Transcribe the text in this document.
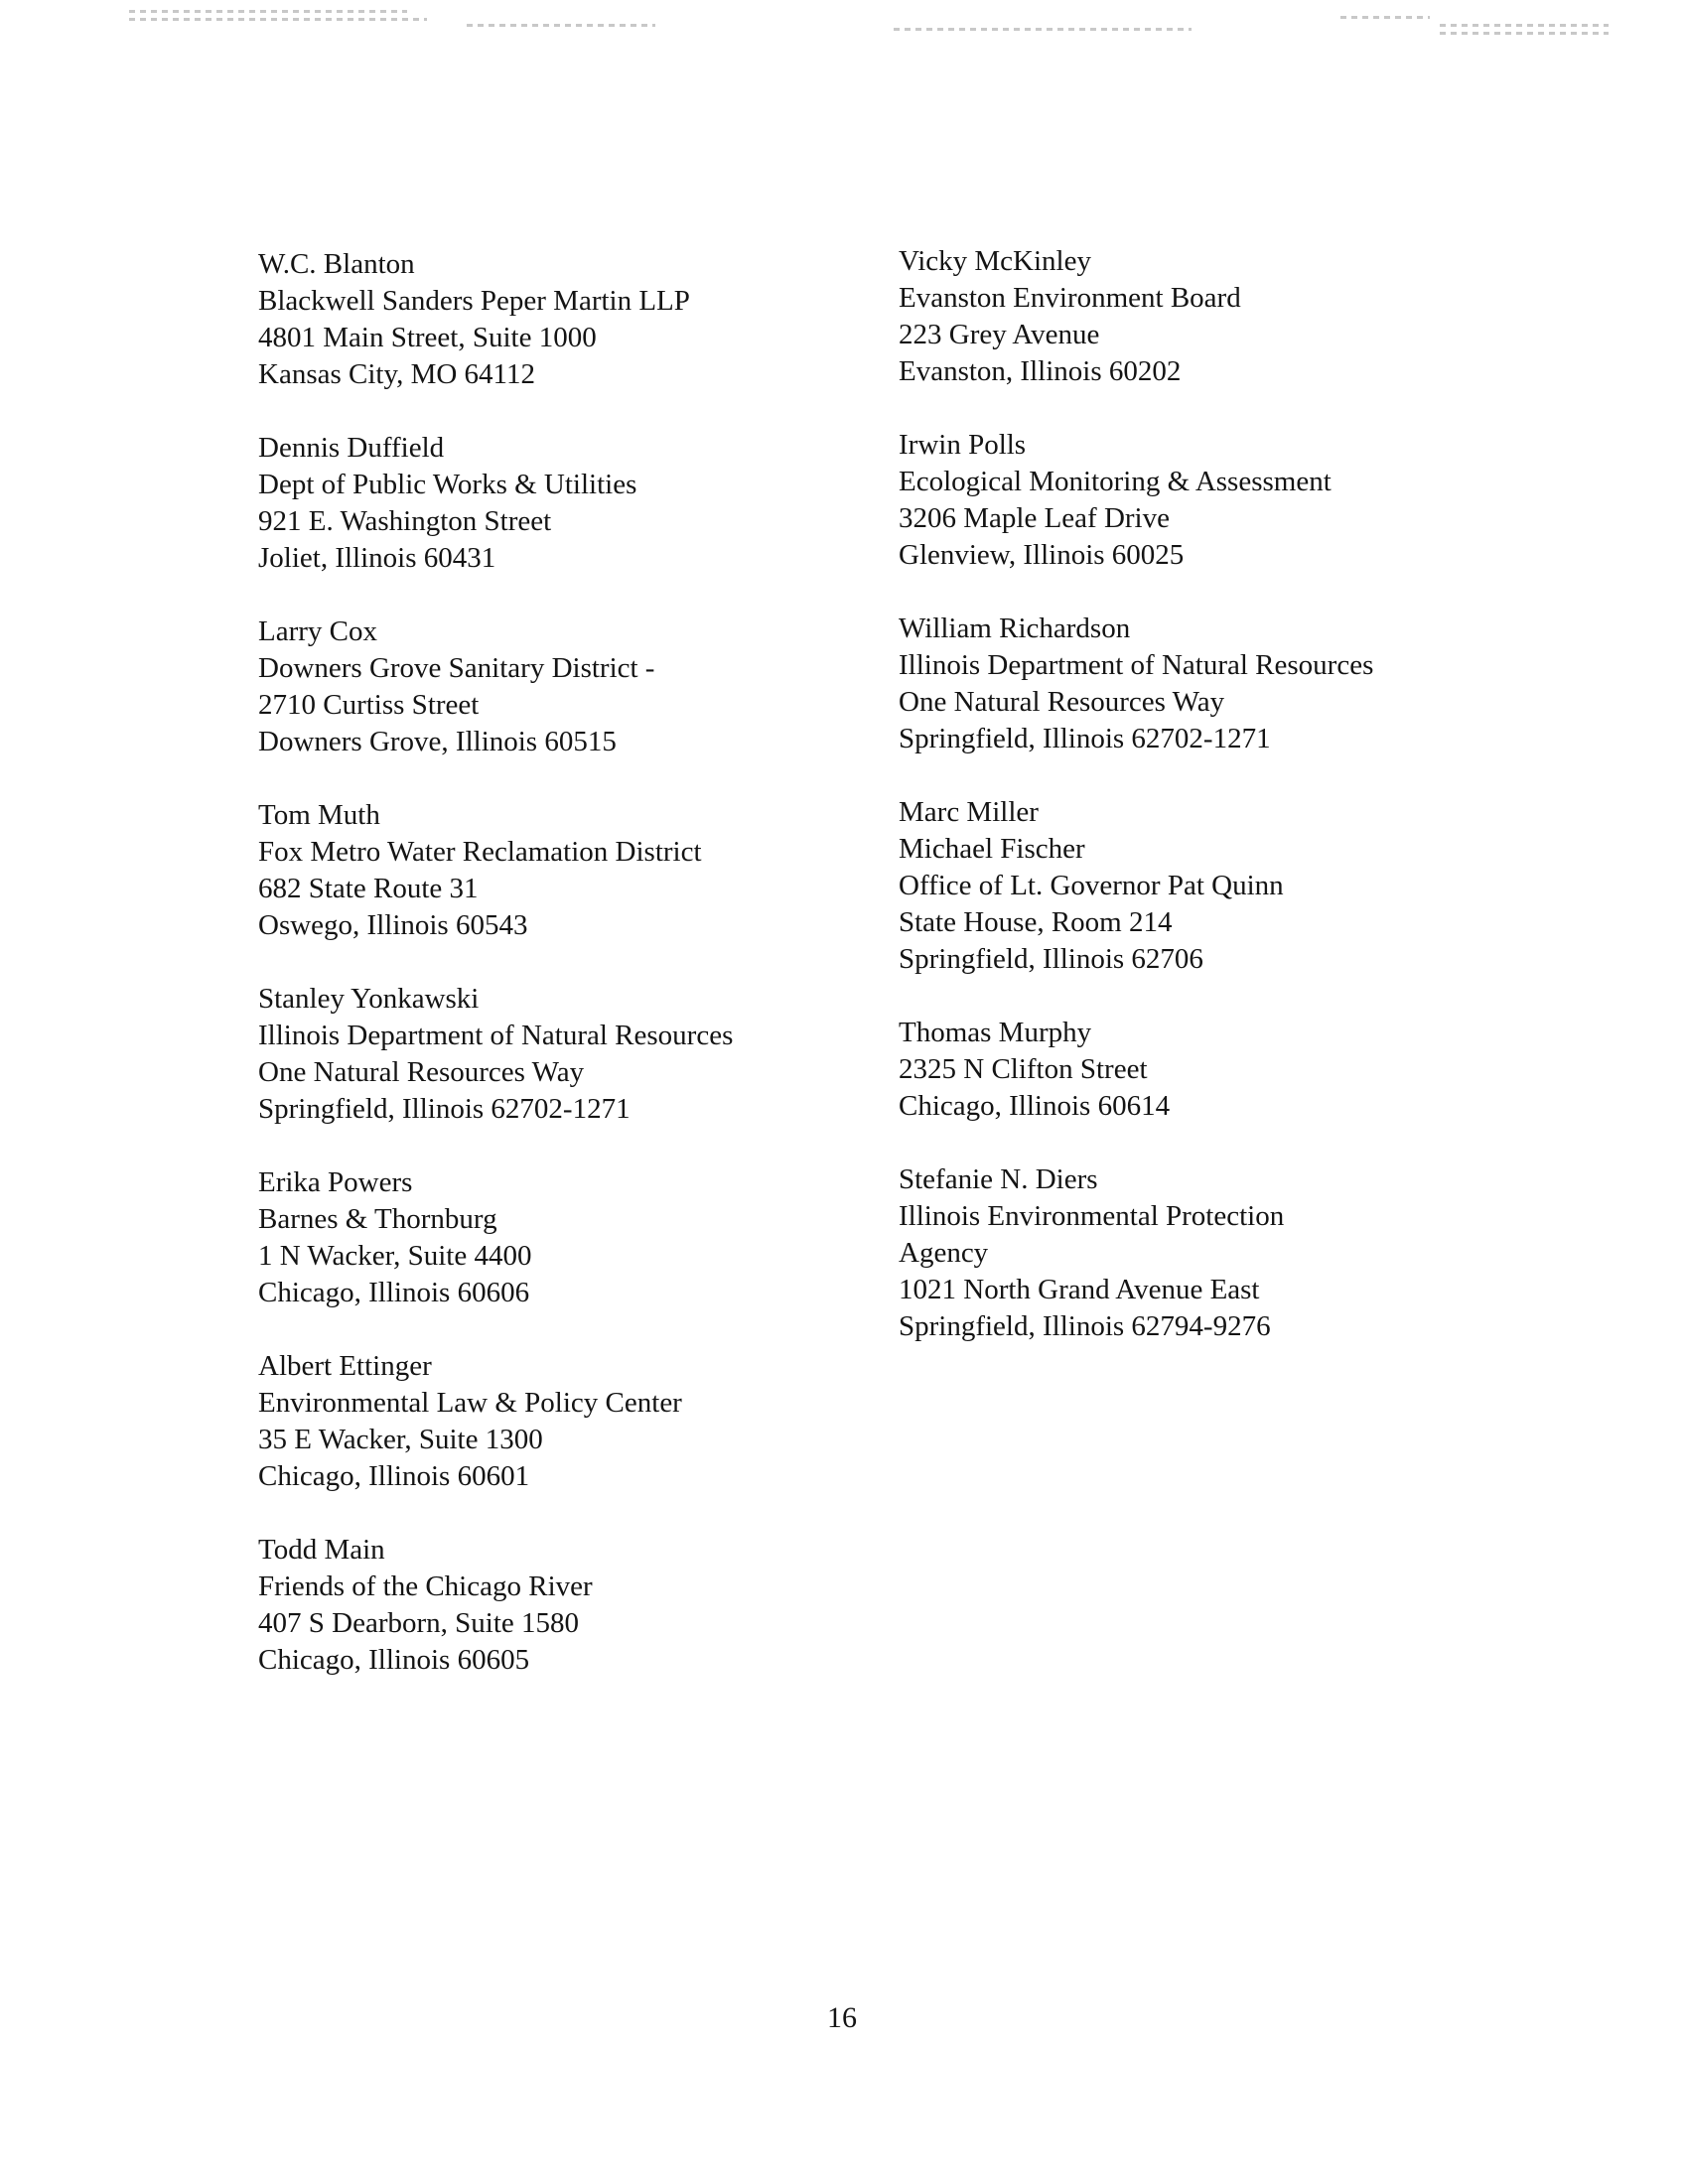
W.C. Blanton
Blackwell Sanders Peper Martin LLP
4801 Main Street, Suite 1000
Kansas City, MO 64112
Dennis Duffield
Dept of Public Works & Utilities
921 E. Washington Street
Joliet, Illinois 60431
Larry Cox
Downers Grove Sanitary District -
2710 Curtiss Street
Downers Grove, Illinois 60515
Tom Muth
Fox Metro Water Reclamation District
682 State Route 31
Oswego, Illinois 60543
Stanley Yonkawski
Illinois Department of Natural Resources
One Natural Resources Way
Springfield, Illinois 62702-1271
Erika Powers
Barnes & Thornburg
1 N Wacker, Suite 4400
Chicago, Illinois 60606
Albert Ettinger
Environmental Law & Policy Center
35 E Wacker, Suite 1300
Chicago, Illinois 60601
Todd Main
Friends of the Chicago River
407 S Dearborn, Suite 1580
Chicago, Illinois 60605
Vicky McKinley
Evanston Environment Board
223 Grey Avenue
Evanston, Illinois 60202
Irwin Polls
Ecological Monitoring & Assessment
3206 Maple Leaf Drive
Glenview, Illinois 60025
William Richardson
Illinois Department of Natural Resources
One Natural Resources Way
Springfield, Illinois 62702-1271
Marc Miller
Michael Fischer
Office of Lt. Governor Pat Quinn
State House, Room 214
Springfield, Illinois 62706
Thomas Murphy
2325 N Clifton Street
Chicago, Illinois 60614
Stefanie N. Diers
Illinois Environmental Protection
Agency
1021 North Grand Avenue East
Springfield, Illinois 62794-9276
16
